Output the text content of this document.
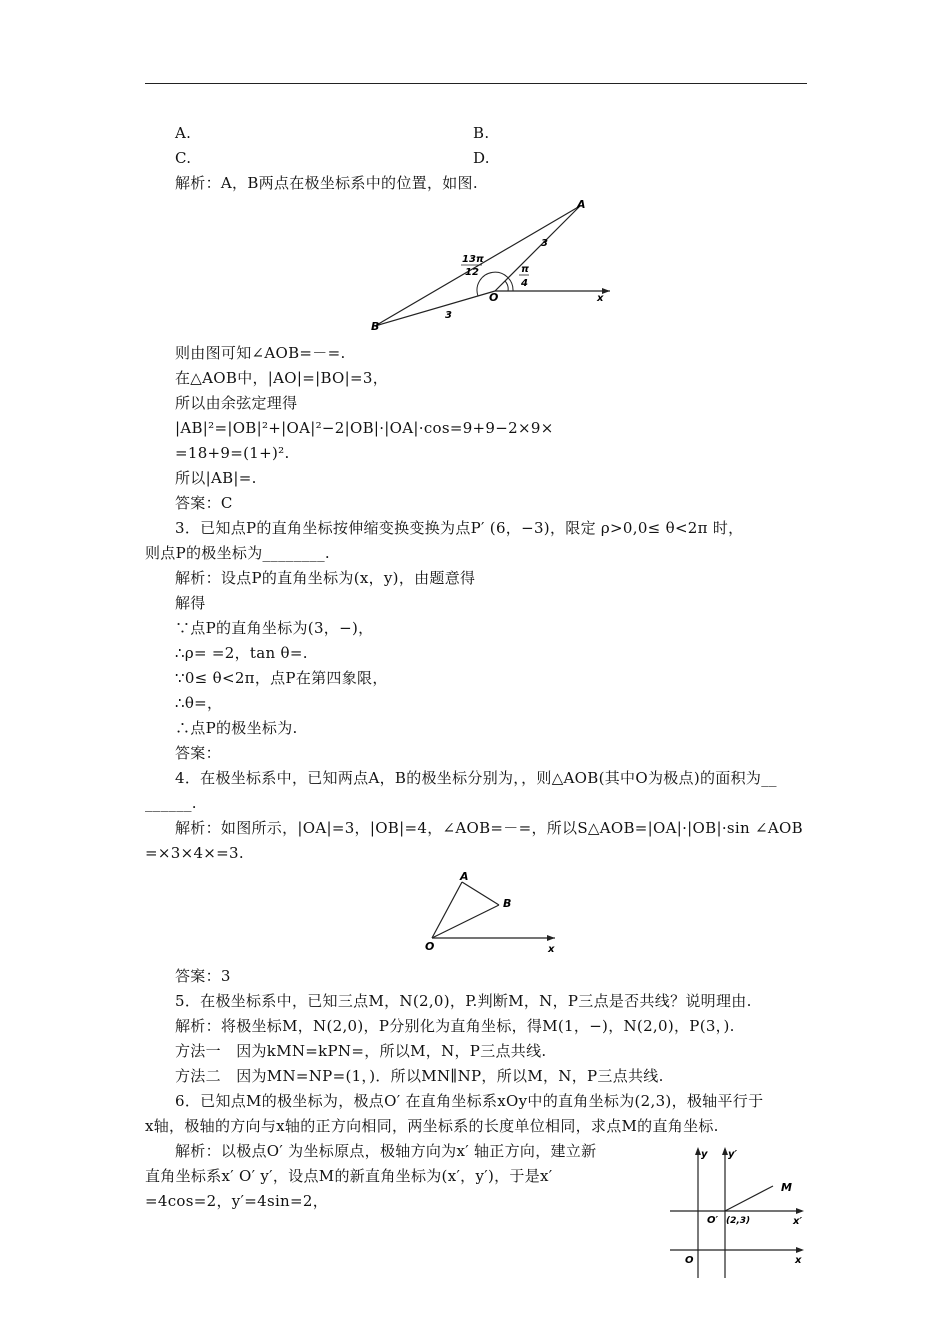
A.	B.
C.	D.
解析：A，B两点在极坐标系中的位置，如图.
A
B
O	x
13π
12	π
4
3
3
则由图可知∠AOB=－=.
在△AOB中，|AO|=|BO|=3，
所以由余弦定理得
|AB|²=|OB|²+|OA|²−2|OB|·|OA|·cos=9+9−2×9×
=18+9=(1+)².
所以|AB|=.
答案：C
3．已知点P的直角坐标按伸缩变换变换为点P′ (6，−3)，限定 ρ>0,0≤ θ<2π 时，
则点P的极坐标为________.
解析：设点P的直角坐标为(x，y)，由题意得
解得
∵点P的直角坐标为(3，−)，
∴ρ= =2，tan θ=.
∵0≤ θ<2π，点P在第四象限，
∴θ=，
∴点P的极坐标为.
答案：
4．在极坐标系中，已知两点A，B的极坐标分别为，，则△AOB(其中O为极点)的面积为__
______.
解析：如图所示，|OA|=3，|OB|=4，∠AOB=－=，所以S△AOB=|OA|·|OB|·sin ∠AOB
=×3×4×=3.
A
B
O	x
答案：3
5．在极坐标系中，已知三点M，N(2,0)，P.判断M，N，P三点是否共线？说明理由.
解析：将极坐标M，N(2,0)，P分别化为直角坐标，得M(1，−)，N(2,0)，P(3，).
方法一　因为kMN=kPN=，所以M，N，P三点共线.
方法二　因为MN=NP=(1，)．所以MN∥NP，所以M，N，P三点共线.
6．已知点M的极坐标为，极点O′ 在直角坐标系xOy中的直角坐标为(2,3)，极轴平行于
x轴，极轴的方向与x轴的正方向相同，两坐标系的长度单位相同，求点M的直角坐标.
解析：以极点O′ 为坐标原点，极轴方向为x′ 轴正方向，建立新
直角坐标系x′ O′ y′，设点M的新直角坐标为(x′，y′)，于是x′
=4cos=2，y′=4sin=2，
y y′
M
O′ (2,3)	x′
O	x
